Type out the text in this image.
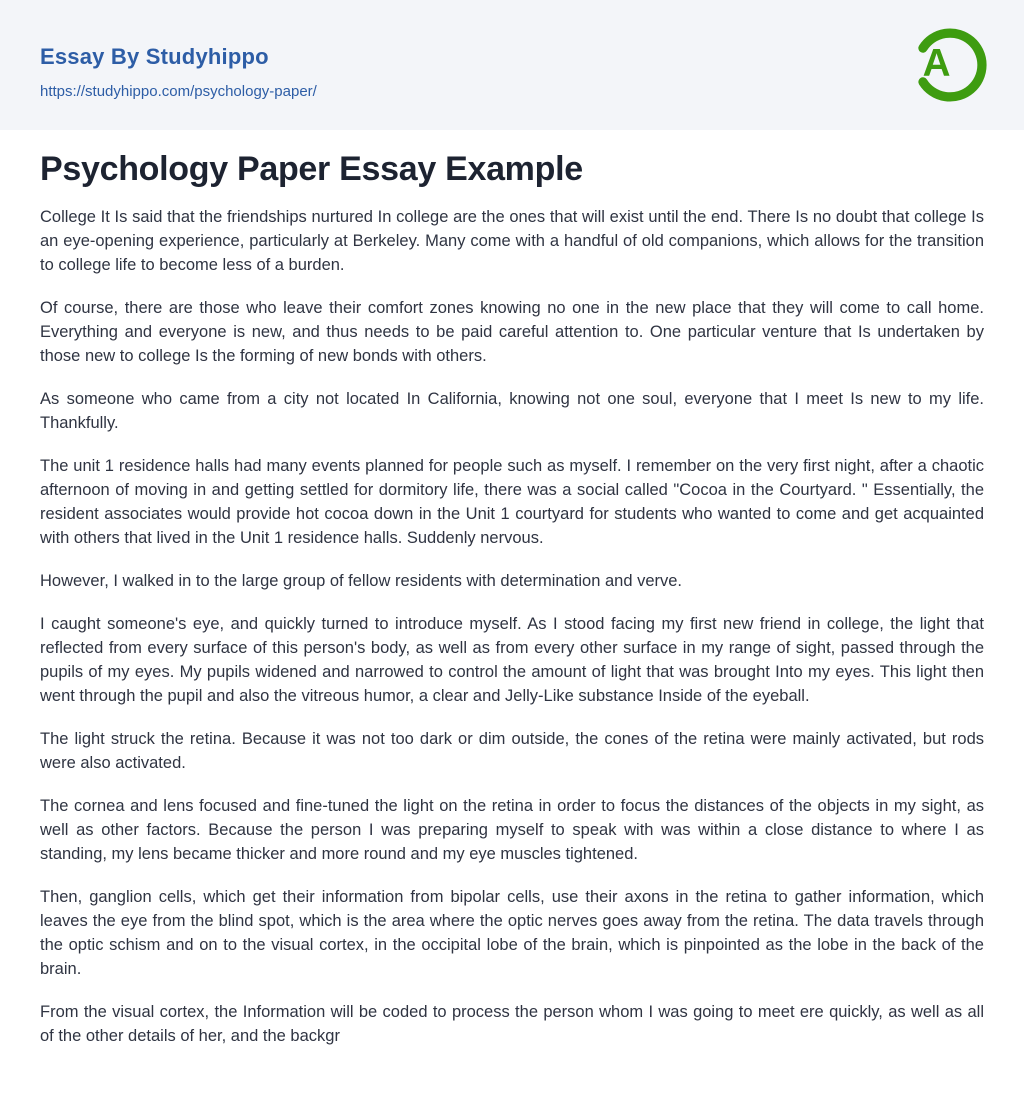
Essay By Studyhippo
https://studyhippo.com/psychology-paper/
A
Psychology Paper Essay Example

College It Is said that the friendships nurtured In college are the ones that will exist until the end. There Is no doubt that college Is an eye-opening experience, particularly at Berkeley. Many come with a handful of old companions, which allows for the transition to college life to become less of a burden.

Of course, there are those who leave their comfort zones knowing no one in the new place that they will come to call home. Everything and everyone is new, and thus needs to be paid careful attention to. One particular venture that Is undertaken by those new to college Is the forming of new bonds with others.

As someone who came from a city not located In California, knowing not one soul, everyone that I meet Is new to my life. Thankfully.

The unit 1 residence halls had many events planned for people such as myself. I remember on the very first night, after a chaotic afternoon of moving in and getting settled for dormitory life, there was a social called "Cocoa in the Courtyard. " Essentially, the resident associates would provide hot cocoa down in the Unit 1 courtyard for students who wanted to come and get acquainted with others that lived in the Unit 1 residence halls. Suddenly nervous.

However, I walked in to the large group of fellow residents with determination and verve.

I caught someone's eye, and quickly turned to introduce myself. As I stood facing my first new friend in college, the light that reflected from every surface of this person's body, as well as from every other surface in my range of sight, passed through the pupils of my eyes. My pupils widened and narrowed to control the amount of light that was brought Into my eyes. This light then went through the pupil and also the vitreous humor, a clear and Jelly-Like substance Inside of the eyeball.

The light struck the retina. Because it was not too dark or dim outside, the cones of the retina were mainly activated, but rods were also activated.

The cornea and lens focused and fine-tuned the light on the retina in order to focus the distances of the objects in my sight, as well as other factors. Because the person I was preparing myself to speak with was within a close distance to where I as standing, my lens became thicker and more round and my eye muscles tightened.

Then, ganglion cells, which get their information from bipolar cells, use their axons in the retina to gather information, which leaves the eye from the blind spot, which is the area where the optic nerves goes away from the retina. The data travels through the optic schism and on to the visual cortex, in the occipital lobe of the brain, which is pinpointed as the lobe in the back of the brain.

From the visual cortex, the Information will be coded to process the person whom I was going to meet ere quickly, as well as all of the other details of her, and the backgr
